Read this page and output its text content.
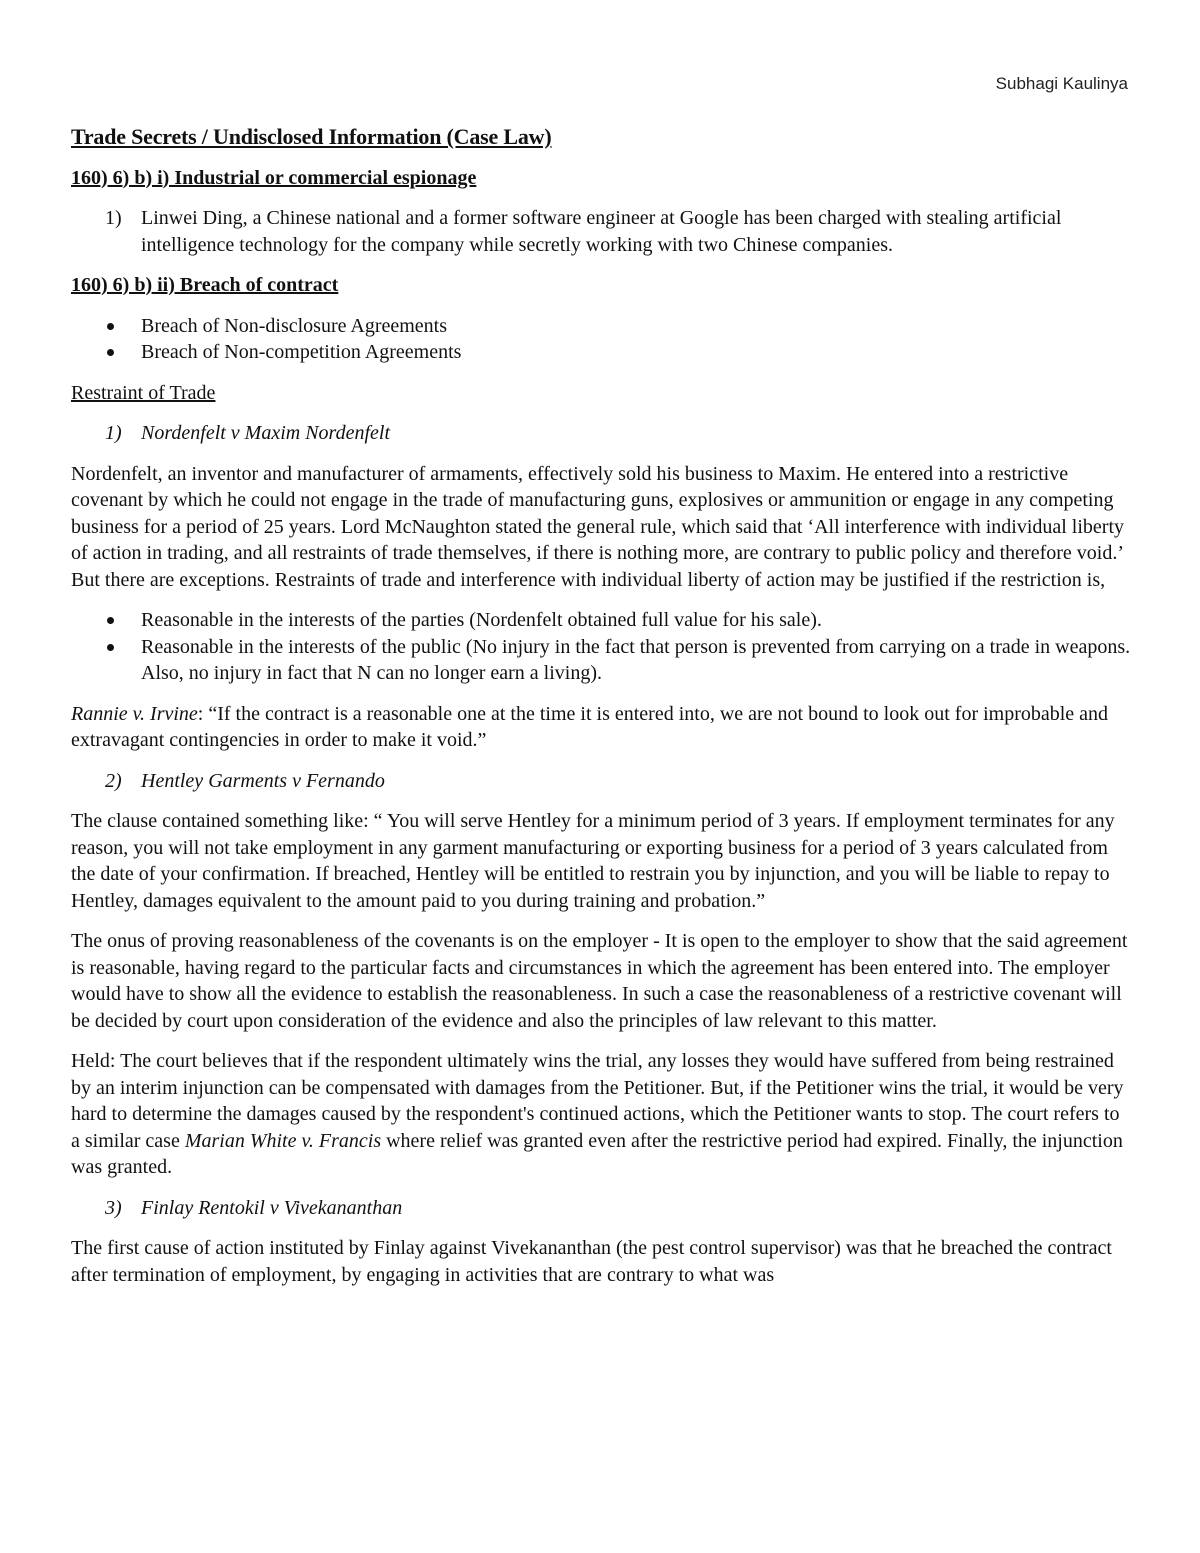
Subhagi Kaulinya
Trade Secrets / Undisclosed Information (Case Law)
160) 6) b) i) Industrial or commercial espionage
1) Linwei Ding, a Chinese national and a former software engineer at Google has been charged with stealing artificial intelligence technology for the company while secretly working with two Chinese companies.
160) 6) b) ii) Breach of contract
Breach of Non-disclosure Agreements
Breach of Non-competition Agreements
Restraint of Trade
1) Nordenfelt v Maxim Nordenfelt

Nordenfelt, an inventor and manufacturer of armaments, effectively sold his business to Maxim. He entered into a restrictive covenant by which he could not engage in the trade of manufacturing guns, explosives or ammunition or engage in any competing business for a period of 25 years. Lord McNaughton stated the general rule, which said that ‘All interference with individual liberty of action in trading, and all restraints of trade themselves, if there is nothing more, are contrary to public policy and therefore void.’ But there are exceptions. Restraints of trade and interference with individual liberty of action may be justified if the restriction is,

Reasonable in the interests of the parties (Nordenfelt obtained full value for his sale).
Reasonable in the interests of the public (No injury in the fact that person is prevented from carrying on a trade in weapons. Also, no injury in fact that N can no longer earn a living).

Rannie v. Irvine: “If the contract is a reasonable one at the time it is entered into, we are not bound to look out for improbable and extravagant contingencies in order to make it void.”

2) Hentley Garments v Fernando

The clause contained something like: “ You will serve Hentley for a minimum period of 3 years. If employment terminates for any reason, you will not take employment in any garment manufacturing or exporting business for a period of 3 years calculated from the date of your confirmation. If breached, Hentley will be entitled to restrain you by injunction, and you will be liable to repay to Hentley, damages equivalent to the amount paid to you during training and probation.”

The onus of proving reasonableness of the covenants is on the employer - It is open to the employer to show that the said agreement is reasonable, having regard to the particular facts and circumstances in which the agreement has been entered into. The employer would have to show all the evidence to establish the reasonableness. In such a case the reasonableness of a restrictive covenant will be decided by court upon consideration of the evidence and also the principles of law relevant to this matter.

Held: The court believes that if the respondent ultimately wins the trial, any losses they would have suffered from being restrained by an interim injunction can be compensated with damages from the Petitioner. But, if the Petitioner wins the trial, it would be very hard to determine the damages caused by the respondent's continued actions, which the Petitioner wants to stop. The court refers to a similar case Marian White v. Francis where relief was granted even after the restrictive period had expired. Finally, the injunction was granted.

3) Finlay Rentokil v Vivekananthan

The first cause of action instituted by Finlay against Vivekananthan (the pest control supervisor) was that he breached the contract after termination of employment, by engaging in activities that are contrary to what was
